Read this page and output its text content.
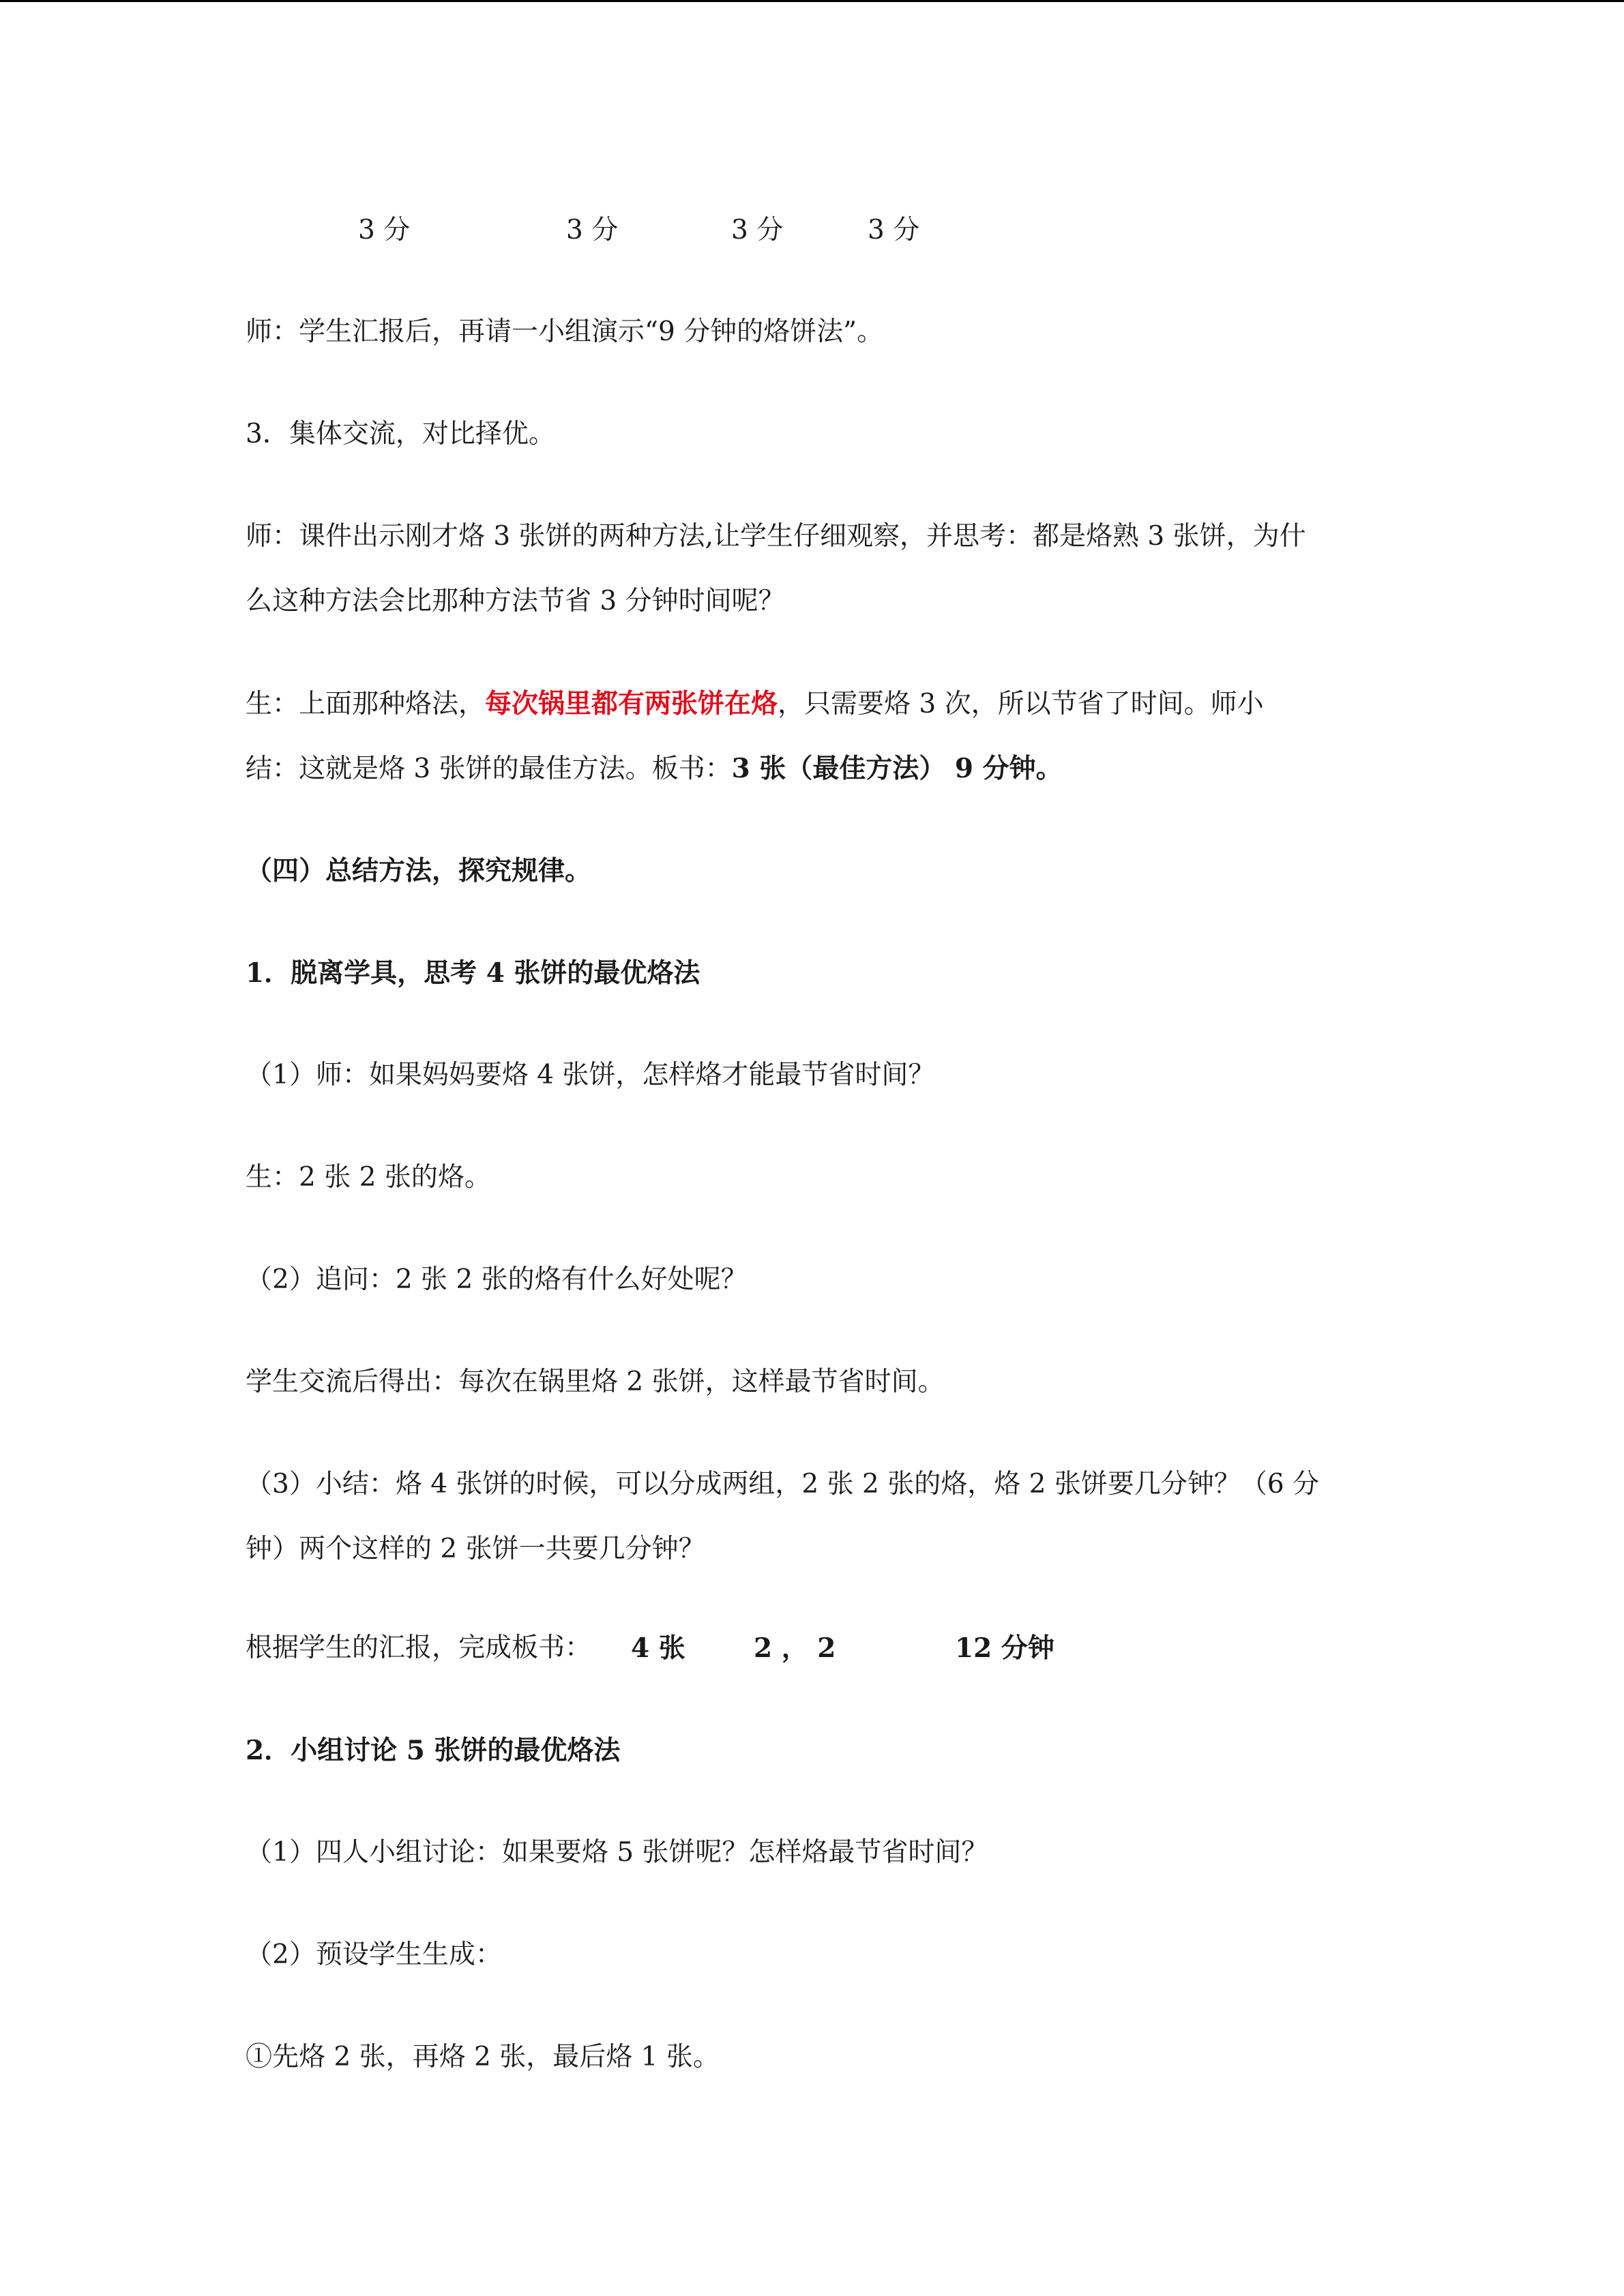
3 分	3 分	3 分	3 分
师：学生汇报后，再请一小组演示“9 分钟的烙饼法”。
3．集体交流，对比择优。
师：课件出示刚才烙 3 张饼的两种方法,让学生仔细观察，并思考：都是烙熟 3 张饼，为什
么这种方法会比那种方法节省 3 分钟时间呢？
生：上面那种烙法，每次锅里都有两张饼在烙，只需要烙 3 次，所以节省了时间。师小
结：这就是烙 3 张饼的最佳方法。板书：3 张（最佳方法） 9 分钟。
（四）总结方法，探究规律。
1．脱离学具，思考 4 张饼的最优烙法
（1）师：如果妈妈要烙 4 张饼，怎样烙才能最节省时间？
生：2 张 2 张的烙。
（2）追问：2 张 2 张的烙有什么好处呢？
学生交流后得出：每次在锅里烙 2 张饼，这样最节省时间。
（3）小结：烙 4 张饼的时候，可以分成两组，2 张 2 张的烙，烙 2 张饼要几分钟？（6 分
钟）两个这样的 2 张饼一共要几分钟？
根据学生的汇报，完成板书： 4 张	2 ， 2	12 分钟
2．小组讨论 5 张饼的最优烙法
（1）四人小组讨论：如果要烙 5 张饼呢？怎样烙最节省时间？
（2）预设学生生成：
①先烙 2 张，再烙 2 张，最后烙 1 张。
